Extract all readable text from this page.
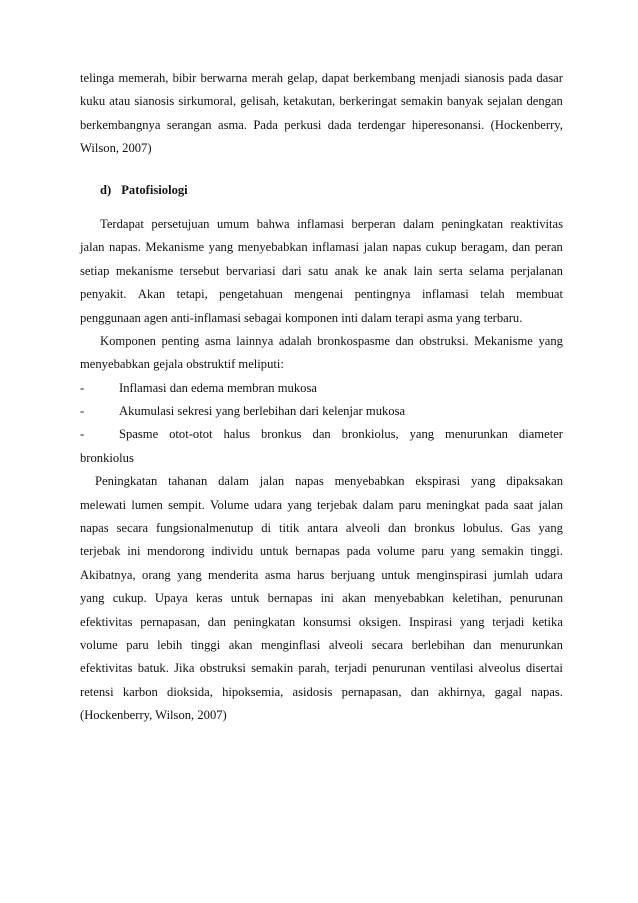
telinga memerah, bibir berwarna merah gelap, dapat berkembang menjadi sianosis pada dasar
kuku atau sianosis sirkumoral, gelisah, ketakutan, berkeringat semakin banyak sejalan dengan
berkembangnya serangan asma. Pada perkusi dada terdengar hiperesonansi. (Hockenberry,
Wilson, 2007)
d) Patofisiologi
Terdapat persetujuan umum bahwa inflamasi berperan dalam peningkatan reaktivitas
jalan napas. Mekanisme yang menyebabkan inflamasi jalan napas cukup beragam, dan peran
setiap mekanisme tersebut bervariasi dari satu anak ke anak lain serta selama perjalanan
penyakit. Akan tetapi, pengetahuan mengenai pentingnya inflamasi telah membuat
penggunaan agen anti-inflamasi sebagai komponen inti dalam terapi asma yang terbaru.
Komponen penting asma lainnya adalah bronkospasme dan obstruksi. Mekanisme yang
menyebabkan gejala obstruktif meliputi:
-	Inflamasi dan edema membran mukosa
-	Akumulasi sekresi yang berlebihan dari kelenjar mukosa
-	Spasme otot-otot halus bronkus dan bronkiolus, yang menurunkan diameter
bronkiolus
Peningkatan tahanan dalam jalan napas menyebabkan ekspirasi yang dipaksakan
melewati lumen sempit. Volume udara yang terjebak dalam paru meningkat pada saat jalan
napas secara fungsionalmenutup di titik antara alveoli dan bronkus lobulus. Gas yang
terjebak ini mendorong individu untuk bernapas pada volume paru yang semakin tinggi.
Akibatnya, orang yang menderita asma harus berjuang untuk menginspirasi jumlah udara
yang cukup. Upaya keras untuk bernapas ini akan menyebabkan keletihan, penurunan
efektivitas pernapasan, dan peningkatan konsumsi oksigen. Inspirasi yang terjadi ketika
volume paru lebih tinggi akan menginflasi alveoli secara berlebihan dan menurunkan
efektivitas batuk. Jika obstruksi semakin parah, terjadi penurunan ventilasi alveolus disertai
retensi karbon dioksida, hipoksemia, asidosis pernapasan, dan akhirnya, gagal napas.
(Hockenberry, Wilson, 2007)
